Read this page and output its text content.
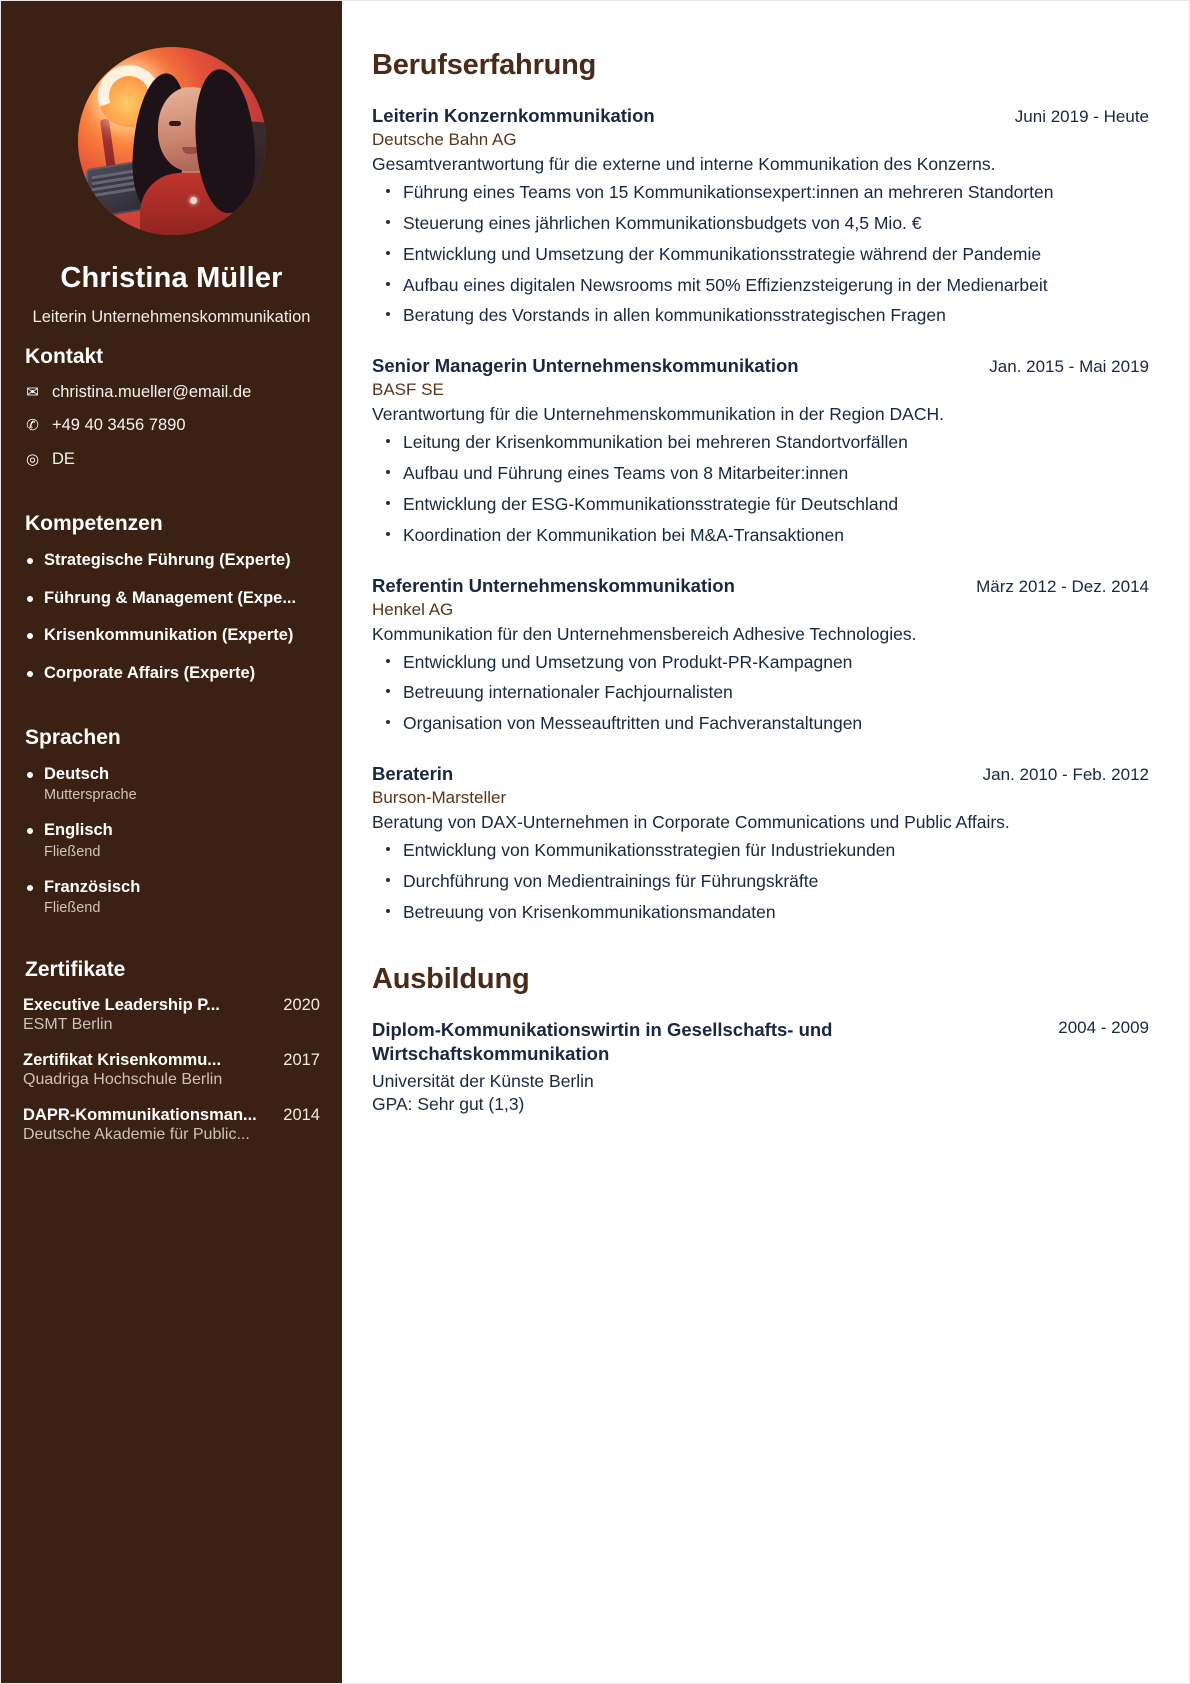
Christina Müller
Leiterin Unternehmenskommunikation
Kontakt
✉ christina.mueller@email.de
✆ +49 40 3456 7890
◎ DE
Kompetenzen
Strategische Führung (Experte)
Führung & Management (Expe...
Krisenkommunikation (Experte)
Corporate Affairs (Experte)
Sprachen
Deutsch
Muttersprache
Englisch
Fließend
Französisch
Fließend
Zertifikate
Executive Leadership P...	2020
ESMT Berlin
Zertifikat Krisenkommu...	2017
Quadriga Hochschule Berlin
DAPR-Kommunikationsman... 2014
Deutsche Akademie für Public...
Berufserfahrung
Leiterin Konzernkommunikation	Juni 2019 - Heute
Deutsche Bahn AG
Gesamtverantwortung für die externe und interne Kommunikation des Konzerns.
Führung eines Teams von 15 Kommunikationsexpert:innen an mehreren Standorten
Steuerung eines jährlichen Kommunikationsbudgets von 4,5 Mio. €
Entwicklung und Umsetzung der Kommunikationsstrategie während der Pandemie
Aufbau eines digitalen Newsrooms mit 50% Effizienzsteigerung in der Medienarbeit
Beratung des Vorstands in allen kommunikationsstrategischen Fragen
Senior Managerin Unternehmenskommunikation	Jan. 2015 - Mai 2019
BASF SE
Verantwortung für die Unternehmenskommunikation in der Region DACH.
Leitung der Krisenkommunikation bei mehreren Standortvorfällen
Aufbau und Führung eines Teams von 8 Mitarbeiter:innen
Entwicklung der ESG-Kommunikationsstrategie für Deutschland
Koordination der Kommunikation bei M&A-Transaktionen
Referentin Unternehmenskommunikation	März 2012 - Dez. 2014
Henkel AG
Kommunikation für den Unternehmensbereich Adhesive Technologies.
Entwicklung und Umsetzung von Produkt-PR-Kampagnen
Betreuung internationaler Fachjournalisten
Organisation von Messeauftritten und Fachveranstaltungen
Beraterin	Jan. 2010 - Feb. 2012
Burson-Marsteller
Beratung von DAX-Unternehmen in Corporate Communications und Public Affairs.
Entwicklung von Kommunikationsstrategien für Industriekunden
Durchführung von Medientrainings für Führungskräfte
Betreuung von Krisenkommunikationsmandaten
Ausbildung
Diplom-Kommunikationswirtin in Gesellschafts- und Wirtschaftskommunikation
2004 - 2009
Universität der Künste Berlin
GPA: Sehr gut (1,3)
